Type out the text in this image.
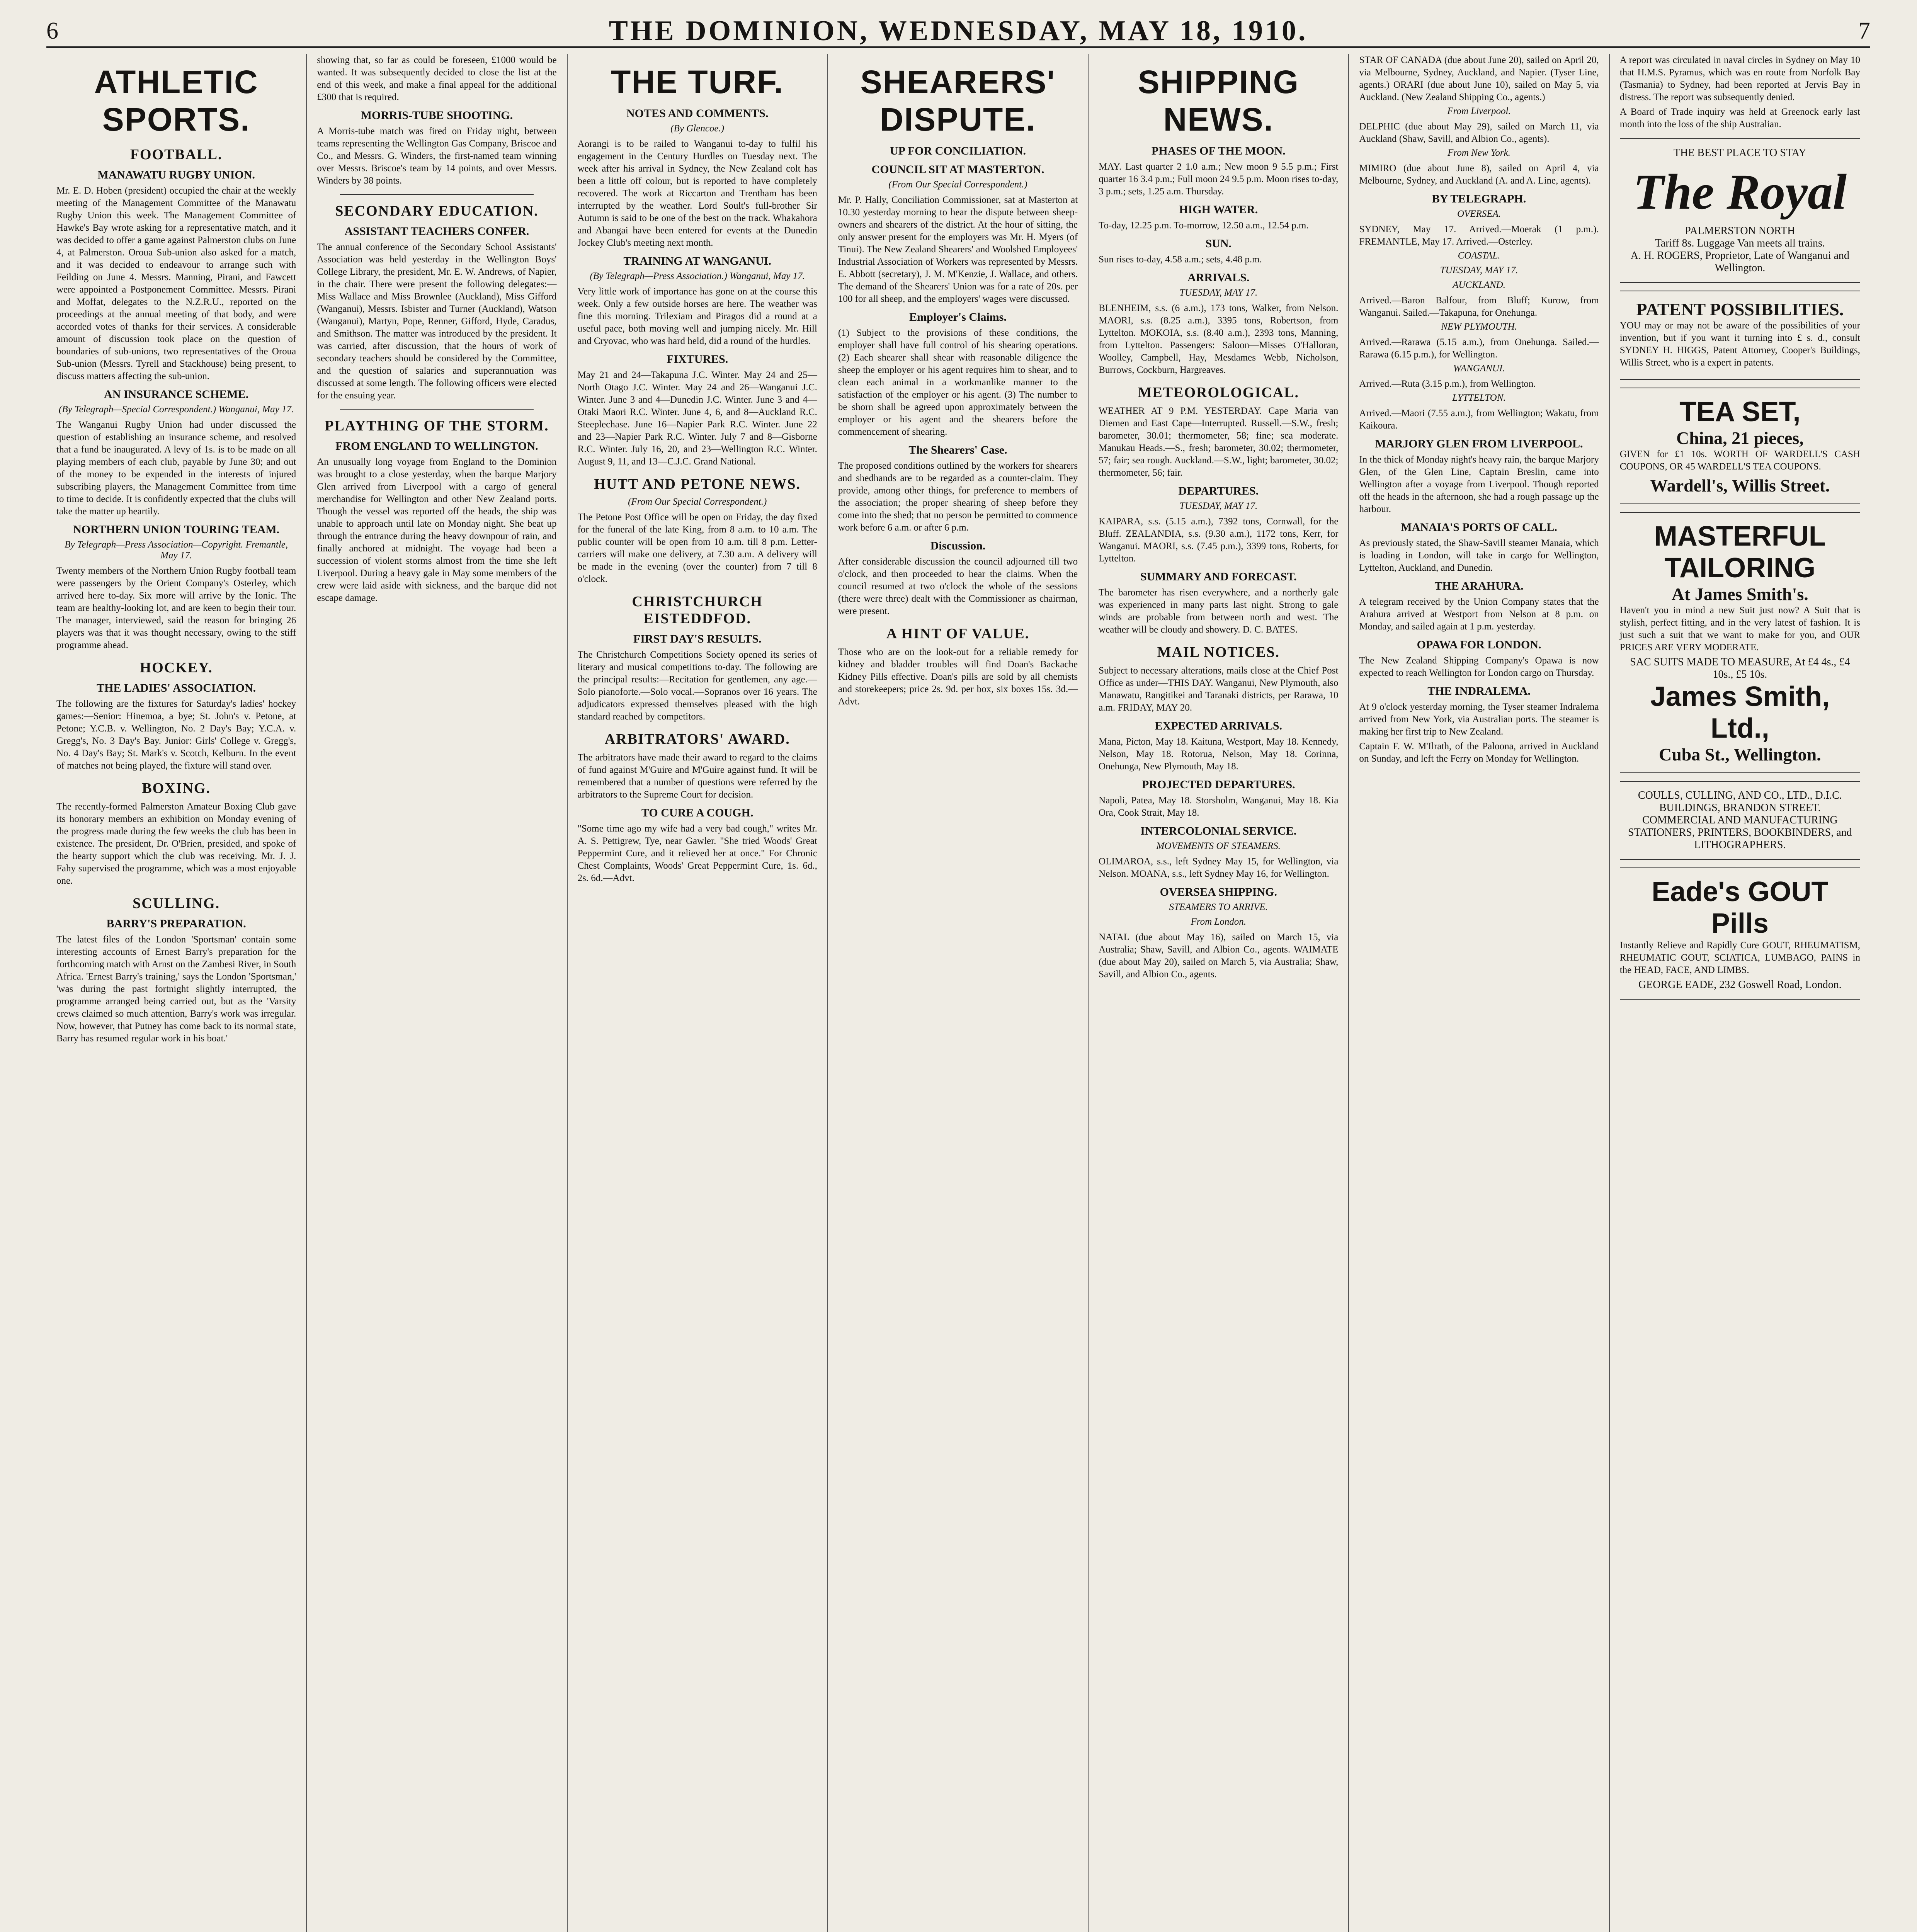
6	THE DOMINION, WEDNESDAY, MAY 18, 1910.	7
ATHLETIC SPORTS.
FOOTBALL.
MANAWATU RUGBY UNION.

Mr. E. D. Hoben (president) occupied the chair at the weekly meeting of the Management Committee of the Manawatu Rugby Union this week. The Management Committee of Hawke's Bay wrote asking for a representative match, and it was decided to offer a game against Palmerston clubs on June 4, at Palmerston. Oroua Sub-union also asked for a match, and it was decided to endeavour to arrange such with Feilding on June 4. Messrs. Manning, Pirani, and Fawcett were appointed a Postponement Committee. Messrs. Pirani and Moffat, delegates to the N.Z.R.U., reported on the proceedings at the annual meeting of that body, and were accorded votes of thanks for their services. A considerable amount of discussion took place on the question of boundaries of sub-unions, two representatives of the Oroua Sub-union (Messrs. Tyrell and Stackhouse) being present, to discuss matters affecting the sub-union.

AN INSURANCE SCHEME.
(By Telegraph—Special Correspondent.) Wanganui, May 17.

The Wanganui Rugby Union had under discussed the question of establishing an insurance scheme, and resolved that a fund be inaugurated. A levy of 1s. is to be made on all playing members of each club, payable by June 30; and out of the money to be expended in the interests of injured subscribing players, the Management Committee from time to time to decide. It is confidently expected that the clubs will take the matter up heartily.

NORTHERN UNION TOURING TEAM.
By Telegraph—Press Association—Copyright. Fremantle, May 17.

Twenty members of the Northern Union Rugby football team were passengers by the Orient Company's Osterley, which arrived here to-day. Six more will arrive by the Ionic. The team are healthy-looking lot, and are keen to begin their tour. The manager, interviewed, said the reason for bringing 26 players was that it was thought necessary, owing to the stiff programme ahead.

HOCKEY.
THE LADIES' ASSOCIATION.

The following are the fixtures for Saturday's ladies' hockey games:—Senior: Hinemoa, a bye; St. John's v. Petone, at Petone; Y.C.B. v. Wellington, No. 2 Day's Bay; Y.C.A. v. Gregg's, No. 3 Day's Bay. Junior: Girls' College v. Gregg's, No. 4 Day's Bay; St. Mark's v. Scotch, Kelburn. In the event of matches not being played, the fixture will stand over.

BOXING.

The recently-formed Palmerston Amateur Boxing Club gave its honorary members an exhibition on Monday evening of the progress made during the few weeks the club has been in existence. The president, Dr. O'Brien, presided, and spoke of the hearty support which the club was receiving. Mr. J. J. Fahy supervised the programme, which was a most enjoyable one.

SCULLING.
BARRY'S PREPARATION.

The latest files of the London 'Sportsman' contain some interesting accounts of Ernest Barry's preparation for the forthcoming match with Arnst on the Zambesi River, in South Africa. 'Ernest Barry's training,' says the London 'Sportsman,' 'was during the past fortnight slightly interrupted, the programme arranged being carried out, but as the 'Varsity crews claimed so much attention, Barry's work was irregular. Now, however, that Putney has come back to its normal state, Barry has resumed regular work in his boat.'

showing that, so far as could be foreseen, £1000 would be wanted. It was subsequently decided to close the list at the end of this week, and make a final appeal for the additional £300 that is required.

MORRIS-TUBE SHOOTING.

A Morris-tube match was fired on Friday night, between teams representing the Wellington Gas Company, Briscoe and Co., and Messrs. G. Winders, the first-named team winning over Messrs. Briscoe's team by 14 points, and over Messrs. Winders by 38 points.

SECONDARY EDUCATION.
ASSISTANT TEACHERS CONFER.

The annual conference of the Secondary School Assistants' Association was held yesterday in the Wellington Boys' College Library, the president, Mr. E. W. Andrews, of Napier, in the chair. There were present the following delegates:—Miss Wallace and Miss Brownlee (Auckland), Miss Gifford (Wanganui), Messrs. Isbister and Turner (Auckland), Watson (Wanganui), Martyn, Pope, Renner, Gifford, Hyde, Caradus, and Smithson. The matter was introduced by the president. It was carried, after discussion, that the hours of work of secondary teachers should be considered by the Committee, and the question of salaries and superannuation was discussed at some length. The following officers were elected for the ensuing year.

PLAYTHING OF THE STORM.
FROM ENGLAND TO WELLINGTON.

An unusually long voyage from England to the Dominion was brought to a close yesterday, when the barque Marjory Glen arrived from Liverpool with a cargo of general merchandise for Wellington and other New Zealand ports. Though the vessel was reported off the heads, the ship was unable to approach until late on Monday night. She beat up through the entrance during the heavy downpour of rain, and finally anchored at midnight. The voyage had been a succession of violent storms almost from the time she left Liverpool. During a heavy gale in May some members of the crew were laid aside with sickness, and the barque did not escape damage.

THE TURF.
NOTES AND COMMENTS.
(By Glencoe.)

Aorangi is to be railed to Wanganui to-day to fulfil his engagement in the Century Hurdles on Tuesday next. The week after his arrival in Sydney, the New Zealand colt has been a little off colour, but is reported to have completely recovered. The work at Riccarton and Trentham has been interrupted by the weather. Lord Soult's full-brother Sir Autumn is said to be one of the best on the track. Whakahora and Abangai have been entered for events at the Dunedin Jockey Club's meeting next month.

TRAINING AT WANGANUI.
(By Telegraph—Press Association.) Wanganui, May 17.

Very little work of importance has gone on at the course this week. Only a few outside horses are here. The weather was fine this morning. Trilexiam and Piragos did a round at a useful pace, both moving well and jumping nicely. Mr. Hill and Cryovac, who was hard held, did a round of the hurdles.

FIXTURES.

May 21 and 24—Takapuna J.C. Winter. May 24 and 25—North Otago J.C. Winter. May 24 and 26—Wanganui J.C. Winter. June 3 and 4—Dunedin J.C. Winter. June 3 and 4—Otaki Maori R.C. Winter. June 4, 6, and 8—Auckland R.C. Steeplechase. June 16—Napier Park R.C. Winter. June 22 and 23—Napier Park R.C. Winter. July 7 and 8—Gisborne R.C. Winter. July 16, 20, and 23—Wellington R.C. Winter. August 9, 11, and 13—C.J.C. Grand National.

HUTT AND PETONE NEWS.
(From Our Special Correspondent.)

The Petone Post Office will be open on Friday, the day fixed for the funeral of the late King, from 8 a.m. to 10 a.m. The public counter will be open from 10 a.m. till 8 p.m. Letter-carriers will make one delivery, at 7.30 a.m. A delivery will be made in the evening (over the counter) from 7 till 8 o'clock.

CHRISTCHURCH EISTEDDFOD.
FIRST DAY'S RESULTS.

The Christchurch Competitions Society opened its series of literary and musical competitions to-day. The following are the principal results:—Recitation for gentlemen, any age.—Solo pianoforte.—Solo vocal.—Sopranos over 16 years. The adjudicators expressed themselves pleased with the high standard reached by competitors.

ARBITRATORS' AWARD.

The arbitrators have made their award to regard to the claims of fund against M'Guire and M'Guire against fund. It will be remembered that a number of questions were referred by the arbitrators to the Supreme Court for decision.

TO CURE A COUGH.

"Some time ago my wife had a very bad cough," writes Mr. A. S. Pettigrew, Tye, near Gawler. "She tried Woods' Great Peppermint Cure, and it relieved her at once." For Chronic Chest Complaints, Woods' Great Peppermint Cure, 1s. 6d., 2s. 6d.—Advt.

SHEARERS' DISPUTE.
UP FOR CONCILIATION.
COUNCIL SIT AT MASTERTON.
(From Our Special Correspondent.)

Mr. P. Hally, Conciliation Commissioner, sat at Masterton at 10.30 yesterday morning to hear the dispute between sheep-owners and shearers of the district. At the hour of sitting, the only answer present for the employers was Mr. H. Myers (of Tinui). The New Zealand Shearers' and Woolshed Employees' Industrial Association of Workers was represented by Messrs. E. Abbott (secretary), J. M. M'Kenzie, J. Wallace, and others. The demand of the Shearers' Union was for a rate of 20s. per 100 for all sheep, and the employers' wages were discussed.

Employer's Claims.

(1) Subject to the provisions of these conditions, the employer shall have full control of his shearing operations. (2) Each shearer shall shear with reasonable diligence the sheep the employer or his agent requires him to shear, and to clean each animal in a workmanlike manner to the satisfaction of the employer or his agent. (3) The number to be shorn shall be agreed upon approximately between the employer or his agent and the shearers before the commencement of shearing.

The Shearers' Case.

The proposed conditions outlined by the workers for shearers and shedhands are to be regarded as a counter-claim. They provide, among other things, for preference to members of the association; the proper shearing of sheep before they come into the shed; that no person be permitted to commence work before 6 a.m. or after 6 p.m.

Discussion.

After considerable discussion the council adjourned till two o'clock, and then proceeded to hear the claims. When the council resumed at two o'clock the whole of the sessions (there were three) dealt with the Commissioner as chairman, were present.

A HINT OF VALUE.

Those who are on the look-out for a reliable remedy for kidney and bladder troubles will find Doan's Backache Kidney Pills effective. Doan's pills are sold by all chemists and storekeepers; price 2s. 9d. per box, six boxes 15s. 3d.—Advt.

SHIPPING NEWS.
PHASES OF THE MOON.

MAY. Last quarter 2 1.0 a.m.; New moon 9 5.5 p.m.; First quarter 16 3.4 p.m.; Full moon 24 9.5 p.m. Moon rises to-day, 3 p.m.; sets, 1.25 a.m. Thursday.

HIGH WATER.

To-day, 12.25 p.m. To-morrow, 12.50 a.m., 12.54 p.m.

SUN.

Sun rises to-day, 4.58 a.m.; sets, 4.48 p.m.

ARRIVALS.
TUESDAY, MAY 17.

BLENHEIM, s.s. (6 a.m.), 173 tons, Walker, from Nelson. MAORI, s.s. (8.25 a.m.), 3395 tons, Robertson, from Lyttelton. MOKOIA, s.s. (8.40 a.m.), 2393 tons, Manning, from Lyttelton. Passengers: Saloon—Misses O'Halloran, Woolley, Campbell, Hay, Mesdames Webb, Nicholson, Burrows, Cockburn, Hargreaves.

METEOROLOGICAL.

WEATHER AT 9 P.M. YESTERDAY. Cape Maria van Diemen and East Cape—Interrupted. Russell.—S.W., fresh; barometer, 30.01; thermometer, 58; fine; sea moderate. Manukau Heads.—S., fresh; barometer, 30.02; thermometer, 57; fair; sea rough. Auckland.—S.W., light; barometer, 30.02; thermometer, 56; fair.

DEPARTURES.
TUESDAY, MAY 17.

KAIPARA, s.s. (5.15 a.m.), 7392 tons, Cornwall, for the Bluff. ZEALANDIA, s.s. (9.30 a.m.), 1172 tons, Kerr, for Wanganui. MAORI, s.s. (7.45 p.m.), 3399 tons, Roberts, for Lyttelton.

SUMMARY AND FORECAST.

The barometer has risen everywhere, and a northerly gale was experienced in many parts last night. Strong to gale winds are probable from between north and west. The weather will be cloudy and showery. D. C. BATES.

MAIL NOTICES.

Subject to necessary alterations, mails close at the Chief Post Office as under—THIS DAY. Wanganui, New Plymouth, also Manawatu, Rangitikei and Taranaki districts, per Rarawa, 10 a.m. FRIDAY, MAY 20.

EXPECTED ARRIVALS.

Mana, Picton, May 18. Kaituna, Westport, May 18. Kennedy, Nelson, May 18. Rotorua, Nelson, May 18. Corinna, Onehunga, New Plymouth, May 18.

PROJECTED DEPARTURES.

Napoli, Patea, May 18. Storsholm, Wanganui, May 18. Kia Ora, Cook Strait, May 18.

INTERCOLONIAL SERVICE.
MOVEMENTS OF STEAMERS.

OLIMAROA, s.s., left Sydney May 15, for Wellington, via Nelson. MOANA, s.s., left Sydney May 16, for Wellington.

OVERSEA SHIPPING.
STEAMERS TO ARRIVE.
From London.

NATAL (due about May 16), sailed on March 15, via Australia; Shaw, Savill, and Albion Co., agents. WAIMATE (due about May 20), sailed on March 5, via Australia; Shaw, Savill, and Albion Co., agents.

STAR OF CANADA (due about June 20), sailed on April 20, via Melbourne, Sydney, Auckland, and Napier. (Tyser Line, agents.) ORARI (due about June 10), sailed on May 5, via Auckland. (New Zealand Shipping Co., agents.)

From Liverpool.

DELPHIC (due about May 29), sailed on March 11, via Auckland (Shaw, Savill, and Albion Co., agents).

From New York.

MIMIRO (due about June 8), sailed on April 4, via Melbourne, Sydney, and Auckland (A. and A. Line, agents).

BY TELEGRAPH.
OVERSEA.

SYDNEY, May 17. Arrived.—Moerak (1 p.m.). FREMANTLE, May 17. Arrived.—Osterley.

COASTAL.
TUESDAY, MAY 17.
AUCKLAND.

Arrived.—Baron Balfour, from Bluff; Kurow, from Wanganui. Sailed.—Takapuna, for Onehunga.

NEW PLYMOUTH.

Arrived.—Rarawa (5.15 a.m.), from Onehunga. Sailed.—Rarawa (6.15 p.m.), for Wellington.

WANGANUI.

Arrived.—Ruta (3.15 p.m.), from Wellington.

LYTTELTON.

Arrived.—Maori (7.55 a.m.), from Wellington; Wakatu, from Kaikoura.

MARJORY GLEN FROM LIVERPOOL.

In the thick of Monday night's heavy rain, the barque Marjory Glen, of the Glen Line, Captain Breslin, came into Wellington after a voyage from Liverpool. Though reported off the heads in the afternoon, she had a rough passage up the harbour.

MANAIA'S PORTS OF CALL.

As previously stated, the Shaw-Savill steamer Manaia, which is loading in London, will take in cargo for Wellington, Lyttelton, Auckland, and Dunedin.

THE ARAHURA.

A telegram received by the Union Company states that the Arahura arrived at Westport from Nelson at 8 p.m. on Monday, and sailed again at 1 p.m. yesterday.

OPAWA FOR LONDON.

The New Zealand Shipping Company's Opawa is now expected to reach Wellington for London cargo on Thursday.

THE INDRALEMA.

At 9 o'clock yesterday morning, the Tyser steamer Indralema arrived from New York, via Australian ports. The steamer is making her first trip to New Zealand.

Captain F. W. M'Ilrath, of the Paloona, arrived in Auckland on Sunday, and left the Ferry on Monday for Wellington.

A report was circulated in naval circles in Sydney on May 10 that H.M.S. Pyramus, which was en route from Norfolk Bay (Tasmania) to Sydney, had been reported at Jervis Bay in distress. The report was subsequently denied.

A Board of Trade inquiry was held at Greenock early last month into the loss of the ship Australian.

THE BEST PLACE TO STAY
The Royal
PALMERSTON NORTH
Tariff 8s. Luggage Van meets all trains.
A. H. ROGERS, Proprietor, Late of Wanganui and Wellington.
PATENT POSSIBILITIES.

YOU may or may not be aware of the possibilities of your invention, but if you want it turning into £ s. d., consult SYDNEY H. HIGGS, Patent Attorney, Cooper's Buildings, Willis Street, who is a expert in patents.

TEA SET,
China, 21 pieces,

GIVEN for £1 10s. WORTH OF WARDELL'S CASH COUPONS, OR 45 WARDELL'S TEA COUPONS.

Wardell's, Willis Street.
MASTERFUL TAILORING
At James Smith's.

Haven't you in mind a new Suit just now? A Suit that is stylish, perfect fitting, and in the very latest of fashion. It is just such a suit that we want to make for you, and OUR PRICES ARE VERY MODERATE.

SAC SUITS MADE TO MEASURE, At £4 4s., £4 10s., £5 10s.
James Smith, Ltd.,
Cuba St., Wellington.
COULLS, CULLING, AND CO., LTD., D.I.C. BUILDINGS, BRANDON STREET.
COMMERCIAL AND MANUFACTURING STATIONERS, PRINTERS, BOOKBINDERS, and LITHOGRAPHERS.
Eade's GOUT Pills

Instantly Relieve and Rapidly Cure GOUT, RHEUMATISM, RHEUMATIC GOUT, SCIATICA, LUMBAGO, PAINS in the HEAD, FACE, AND LIMBS.

GEORGE EADE, 232 Goswell Road, London.
